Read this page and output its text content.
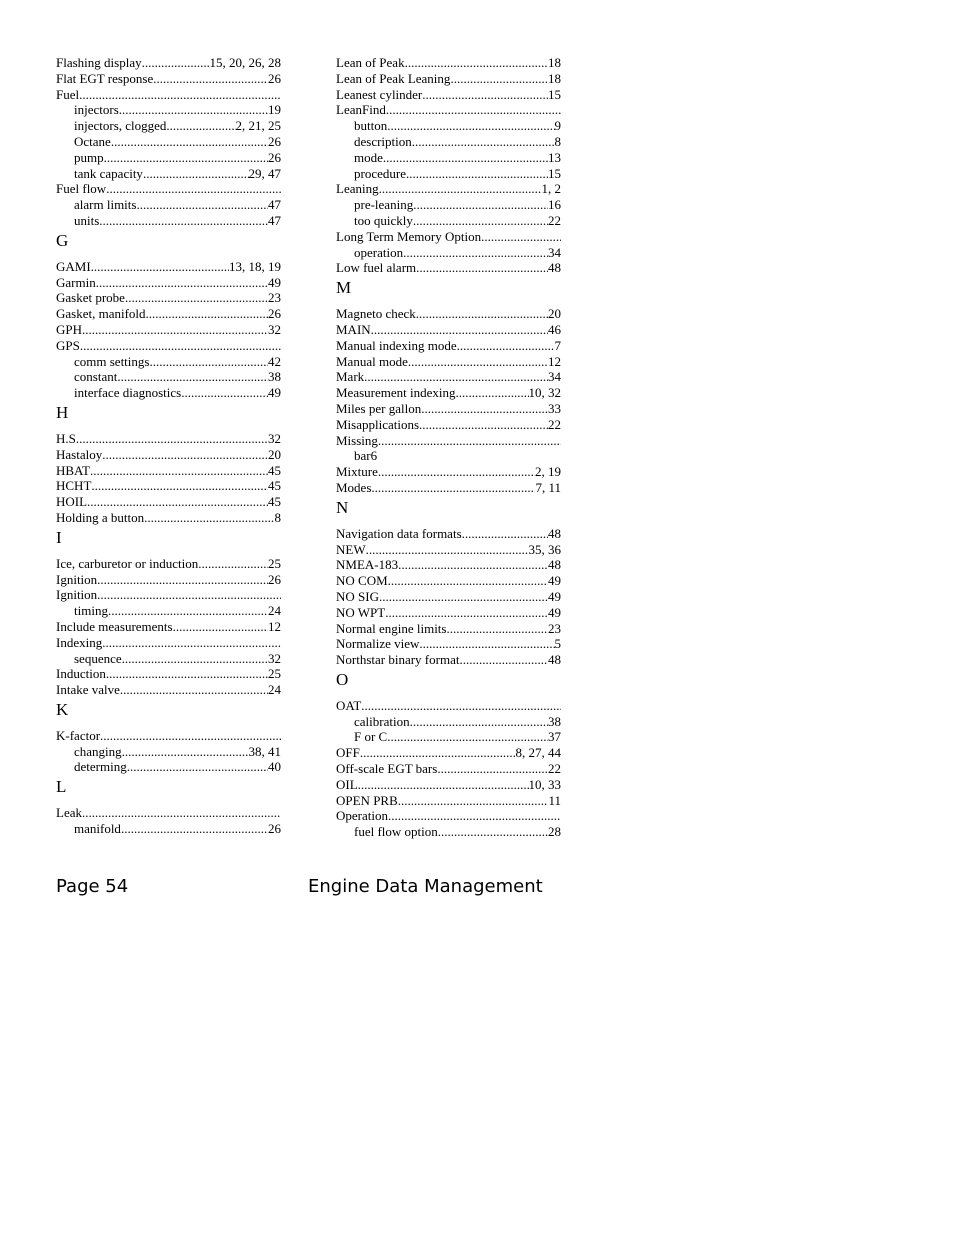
Flashing display .....	15, 20, 26, 28
Flat EGT response .....	26
Fuel
.....
injectors .....	19
injectors, clogged .....	2, 21, 25
Octane .....	26
pump .....	26
tank capacity .....	29, 47
Fuel flow
.....
alarm limits .....	47
units .....	47
G
GAMI .....	13, 18, 19
Garmin .....	49
Gasket probe .....	23
Gasket, manifold .....	26
GPH .....	32
GPS
.....
comm settings .....	42
constant .....	38
interface diagnostics .....	49
H
H.S .....	32
Hastaloy .....	20
HBAT .....	45
HCHT .....	45
HOIL .....	45
Holding a button .....	8
I
Ice, carburetor or induction .....	25
Ignition .....	26
Ignition
.....
timing .....	24
Include measurements .....	12
Indexing
.....
sequence .....	32
Induction .....	25
Intake valve .....	24
K
K-factor
.....
changing .....	38, 41
determing .....	40
L
Leak
.....
manifold .....	26
Lean of Peak .....	18
Lean of Peak Leaning .....	18
Leanest cylinder .....	15
LeanFind
.....
button .....	9
description .....	8
mode .....	13
procedure .....	15
Leaning .....	1, 2
pre-leaning .....	16
too quickly .....	22
Long Term Memory Option
.....
operation .....	34
Low fuel alarm .....	48
M
Magneto check .....	20
MAIN .....	46
Manual indexing mode .....	7
Manual mode .....	12
Mark .....	34
Measurement indexing .....	10, 32
Miles per gallon .....	33
Misapplications .....	22
Missing
.....
bar6
Mixture .....	2, 19
Modes .....	7, 11
N
Navigation data formats .....	48
NEW .....	35, 36
NMEA-183 .....	48
NO COM .....	49
NO SIG .....	49
NO WPT .....	49
Normal engine limits .....	23
Normalize view .....	5
Northstar binary format .....	48
O
OAT
.....
calibration .....	38
F or C .....	37
OFF .....	8, 27, 44
Off-scale EGT bars .....	22
OIL .....	10, 33
OPEN PRB .....	11
Operation
.....
fuel flow option .....	28
Page 54	Engine Data Management
